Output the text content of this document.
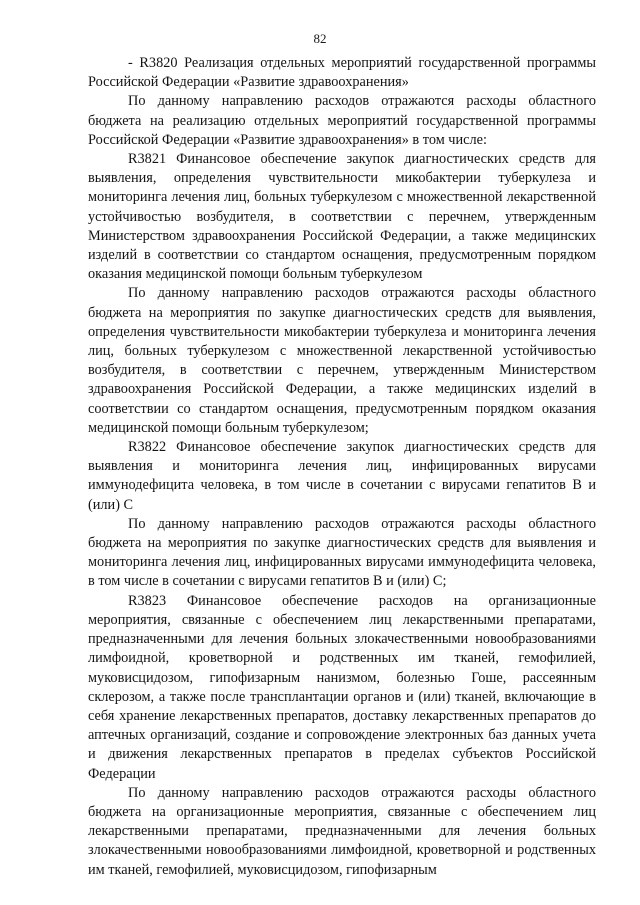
82

- R3820 Реализация отдельных мероприятий государственной программы Российской Федерации «Развитие здравоохранения»

По данному направлению расходов отражаются расходы областного бюджета на реализацию отдельных мероприятий государственной программы Российской Федерации «Развитие здравоохранения» в том числе:

R3821 Финансовое обеспечение закупок диагностических средств для выявления, определения чувствительности микобактерии туберкулеза и мониторинга лечения лиц, больных туберкулезом с множественной лекарственной устойчивостью возбудителя, в соответствии с перечнем, утвержденным Министерством здравоохранения Российской Федерации, а также медицинских изделий в соответствии со стандартом оснащения, предусмотренным порядком оказания медицинской помощи больным туберкулезом

По данному направлению расходов отражаются расходы областного бюджета на мероприятия по закупке диагностических средств для выявления, определения чувствительности микобактерии туберкулеза и мониторинга лечения лиц, больных туберкулезом с множественной лекарственной устойчивостью возбудителя, в соответствии с перечнем, утвержденным Министерством здравоохранения Российской Федерации, а также медицинских изделий в соответствии со стандартом оснащения, предусмотренным порядком оказания медицинской помощи больным туберкулезом;

R3822 Финансовое обеспечение закупок диагностических средств для выявления и мониторинга лечения лиц, инфицированных вирусами иммунодефицита человека, в том числе в сочетании с вирусами гепатитов B и (или) C

По данному направлению расходов отражаются расходы областного бюджета на мероприятия по закупке диагностических средств для выявления и мониторинга лечения лиц, инфицированных вирусами иммунодефицита человека, в том числе в сочетании с вирусами гепатитов B и (или) C;

R3823 Финансовое обеспечение расходов на организационные мероприятия, связанные с обеспечением лиц лекарственными препаратами, предназначенными для лечения больных злокачественными новообразованиями лимфоидной, кроветворной и родственных им тканей, гемофилией, муковисцидозом, гипофизарным нанизмом, болезнью Гоше, рассеянным склерозом, а также после трансплантации органов и (или) тканей, включающие в себя хранение лекарственных препаратов, доставку лекарственных препаратов до аптечных организаций, создание и сопровождение электронных баз данных учета и движения лекарственных препаратов в пределах субъектов Российской Федерации

По данному направлению расходов отражаются расходы областного бюджета на организационные мероприятия, связанные с обеспечением лиц лекарственными препаратами, предназначенными для лечения больных злокачественными новообразованиями лимфоидной, кроветворной и родственных им тканей, гемофилией, муковисцидозом, гипофизарным
